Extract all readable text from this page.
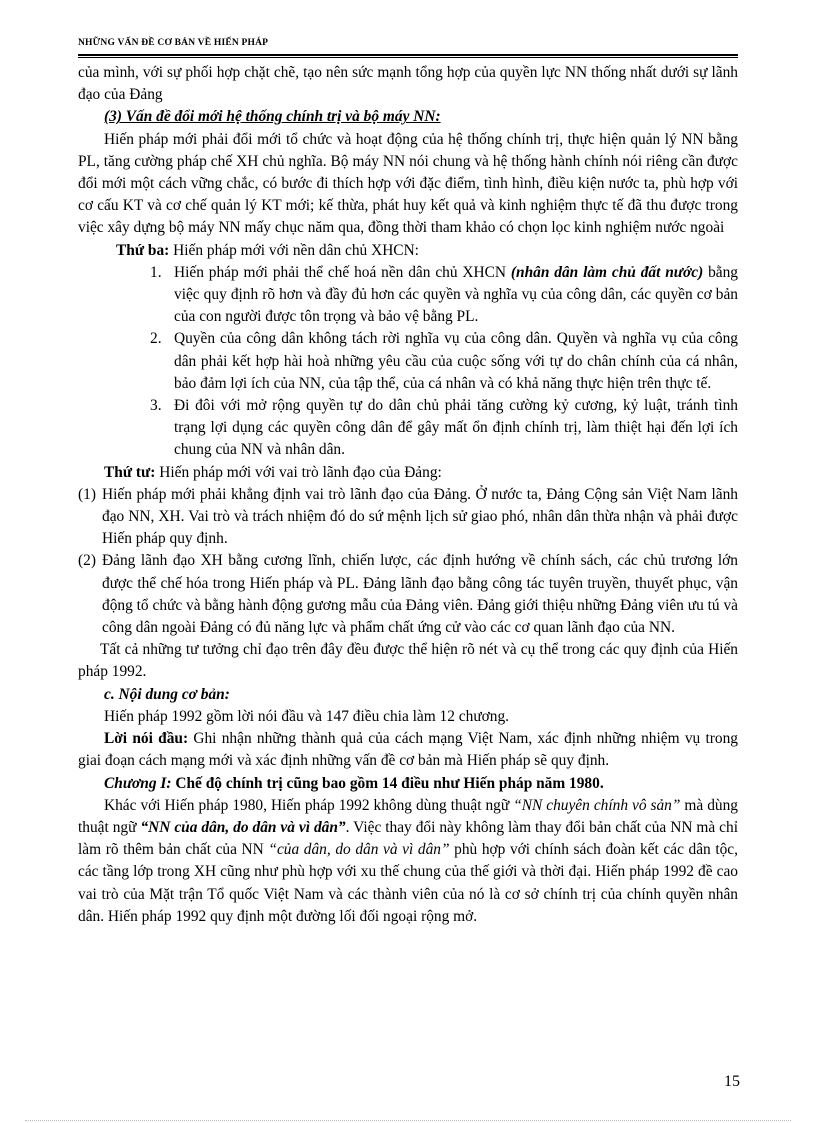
NHỮNG VẤN ĐỀ CƠ BẢN VỀ HIẾN PHÁP

của mình, với sự phối hợp chặt chẽ, tạo nên sức mạnh tổng hợp của quyền lực NN thống nhất dưới sự lãnh đạo của Đảng

(3) Vấn đề đổi mới hệ thống chính trị và bộ máy NN:

Hiến pháp mới phải đổi mới tổ chức và hoạt động của hệ thống chính trị, thực hiện quản lý NN bằng PL, tăng cường pháp chế XH chủ nghĩa. Bộ máy NN nói chung và hệ thống hành chính nói riêng cần được đổi mới một cách vững chắc, có bước đi thích hợp với đặc điểm, tình hình, điều kiện nước ta, phù hợp với cơ cấu KT và cơ chế quản lý KT mới; kế thừa, phát huy kết quả và kinh nghiệm thực tế đã thu được trong việc xây dựng bộ máy NN mấy chục năm qua, đồng thời tham khảo có chọn lọc kinh nghiệm nước ngoài

Thứ ba: Hiến pháp mới với nền dân chủ XHCN:

1. Hiến pháp mới phải thể chế hoá nền dân chủ XHCN (nhân dân làm chủ đất nước) bằng việc quy định rõ hơn và đầy đủ hơn các quyền và nghĩa vụ của công dân, các quyền cơ bản của con người được tôn trọng và bảo vệ bằng PL.
2. Quyền của công dân không tách rời nghĩa vụ của công dân. Quyền và nghĩa vụ của công dân phải kết hợp hài hoà những yêu cầu của cuộc sống với tự do chân chính của cá nhân, bảo đảm lợi ích của NN, của tập thể, của cá nhân và có khả năng thực hiện trên thực tế.
3. Đi đôi với mở rộng quyền tự do dân chủ phải tăng cường kỷ cương, kỷ luật, tránh tình trạng lợi dụng các quyền công dân để gây mất ổn định chính trị, làm thiệt hại đến lợi ích chung của NN và nhân dân.

Thứ tư: Hiến pháp mới với vai trò lãnh đạo của Đảng:

(1) Hiến pháp mới phải khẳng định vai trò lãnh đạo của Đảng. Ở nước ta, Đảng Cộng sản Việt Nam lãnh đạo NN, XH. Vai trò và trách nhiệm đó do sứ mệnh lịch sử giao phó, nhân dân thừa nhận và phải được Hiến pháp quy định.
(2) Đảng lãnh đạo XH bằng cương lĩnh, chiến lược, các định hướng về chính sách, các chủ trương lớn được thể chế hóa trong Hiến pháp và PL. Đảng lãnh đạo bằng công tác tuyên truyền, thuyết phục, vận động tổ chức và bằng hành động gương mẫu của Đảng viên. Đảng giới thiệu những Đảng viên ưu tú và công dân ngoài Đảng có đủ năng lực và phẩm chất ứng cử vào các cơ quan lãnh đạo của NN.

Tất cả những tư tưởng chỉ đạo trên đây đều được thể hiện rõ nét và cụ thể trong các quy định của Hiến pháp 1992.

c. Nội dung cơ bản:

Hiến pháp 1992 gồm lời nói đầu và 147 điều chia làm 12 chương.

Lời nói đầu: Ghi nhận những thành quả của cách mạng Việt Nam, xác định những nhiệm vụ trong giai đoạn cách mạng mới và xác định những vấn đề cơ bản mà Hiến pháp sẽ quy định.

Chương I: Chế độ chính trị cũng bao gồm 14 điều như Hiến pháp năm 1980.

Khác với Hiến pháp 1980, Hiến pháp 1992 không dùng thuật ngữ “NN chuyên chính vô sản” mà dùng thuật ngữ “NN của dân, do dân và vì dân”. Việc thay đổi này không làm thay đổi bản chất của NN mà chỉ làm rõ thêm bản chất của NN “của dân, do dân và vì dân” phù hợp với chính sách đoàn kết các dân tộc, các tầng lớp trong XH cũng như phù hợp với xu thế chung của thế giới và thời đại. Hiến pháp 1992 đề cao vai trò của Mặt trận Tổ quốc Việt Nam và các thành viên của nó là cơ sở chính trị của chính quyền nhân dân. Hiến pháp 1992 quy định một đường lối đối ngoại rộng mở.

15
